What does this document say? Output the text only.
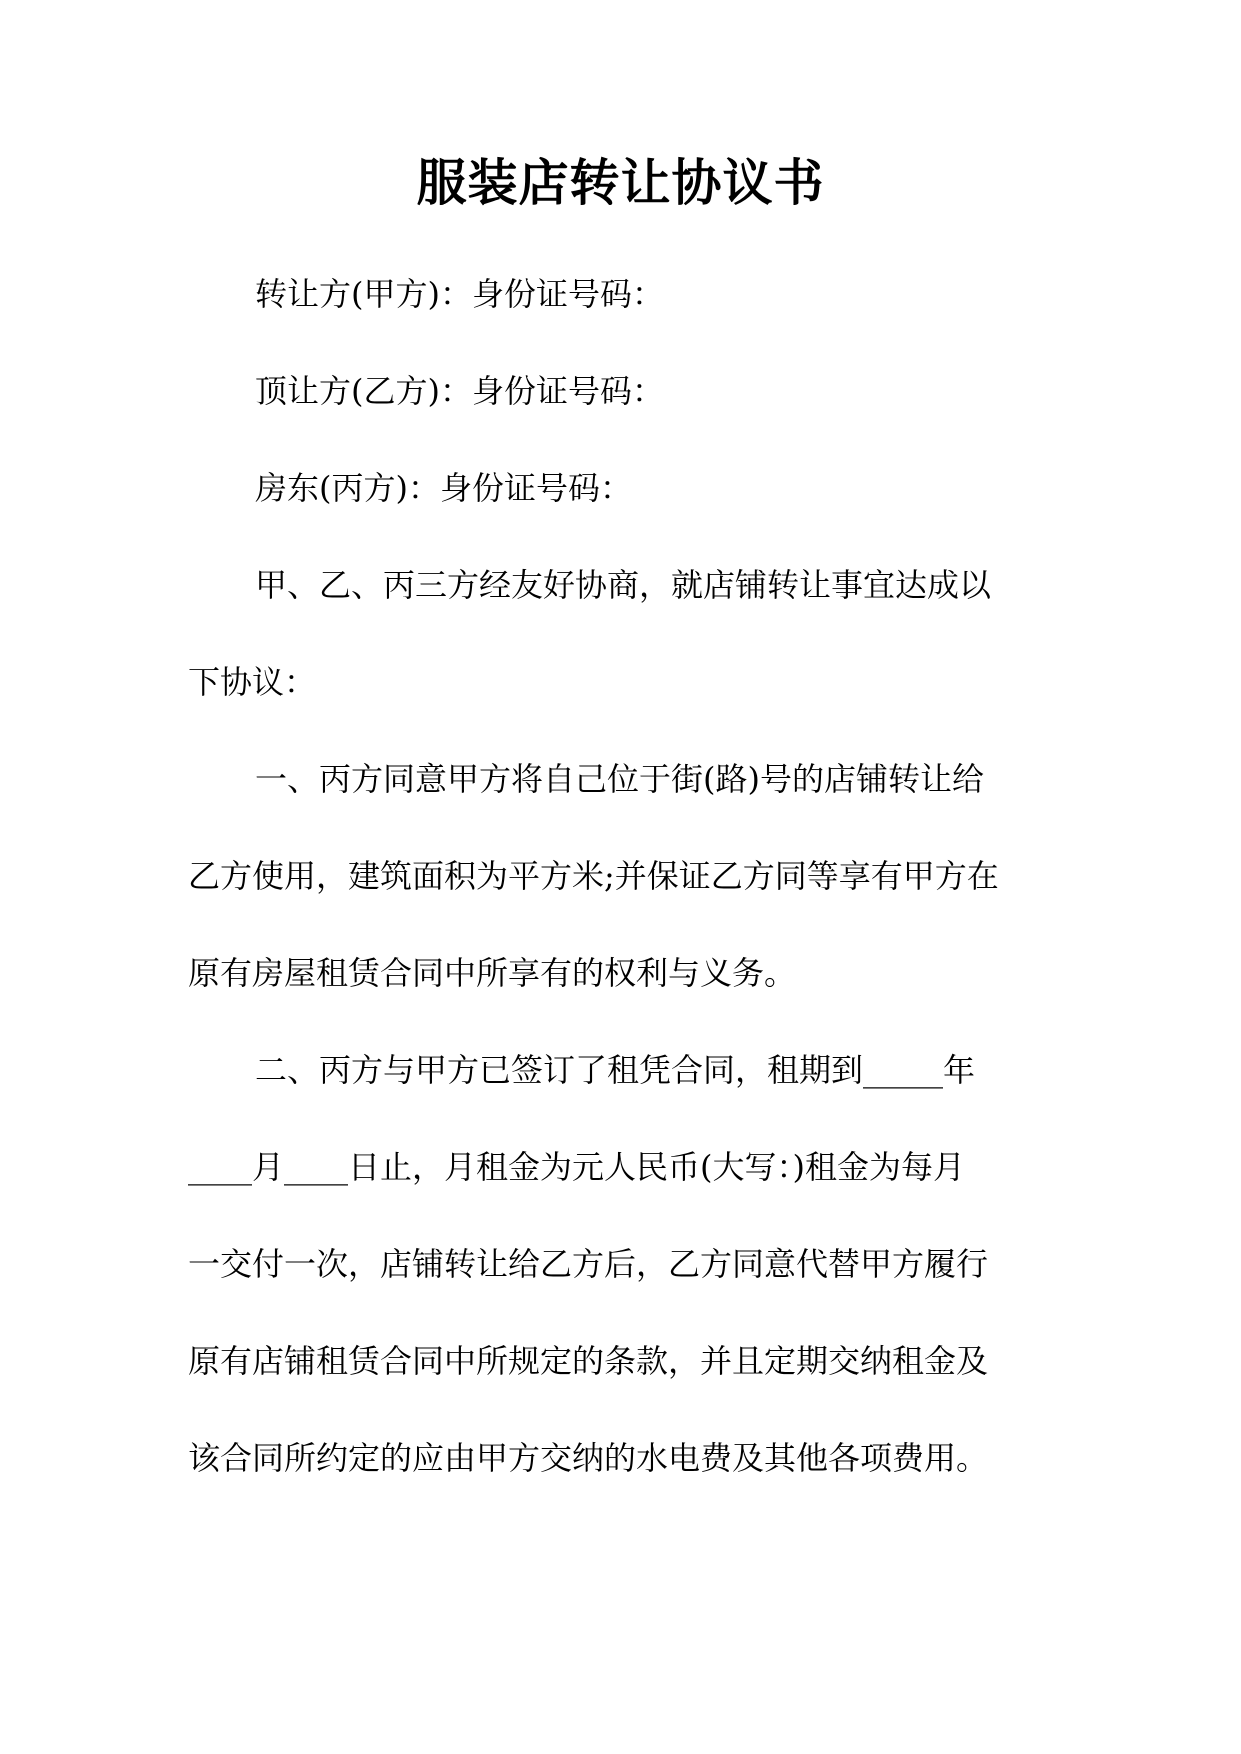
服装店转让协议书
转让方(甲方)：身份证号码：
顶让方(乙方)：身份证号码：
房东(丙方)：身份证号码：
甲、乙、丙三方经友好协商，就店铺转让事宜达成以
下协议：
一、丙方同意甲方将自己位于街(路)号的店铺转让给
乙方使用，建筑面积为平方米;并保证乙方同等享有甲方在
原有房屋租赁合同中所享有的权利与义务。
二、丙方与甲方已签订了租凭合同，租期到_____年
____月____日止，月租金为元人民币(大写：)租金为每月
一交付一次，店铺转让给乙方后，乙方同意代替甲方履行
原有店铺租赁合同中所规定的条款，并且定期交纳租金及
该合同所约定的应由甲方交纳的水电费及其他各项费用。
